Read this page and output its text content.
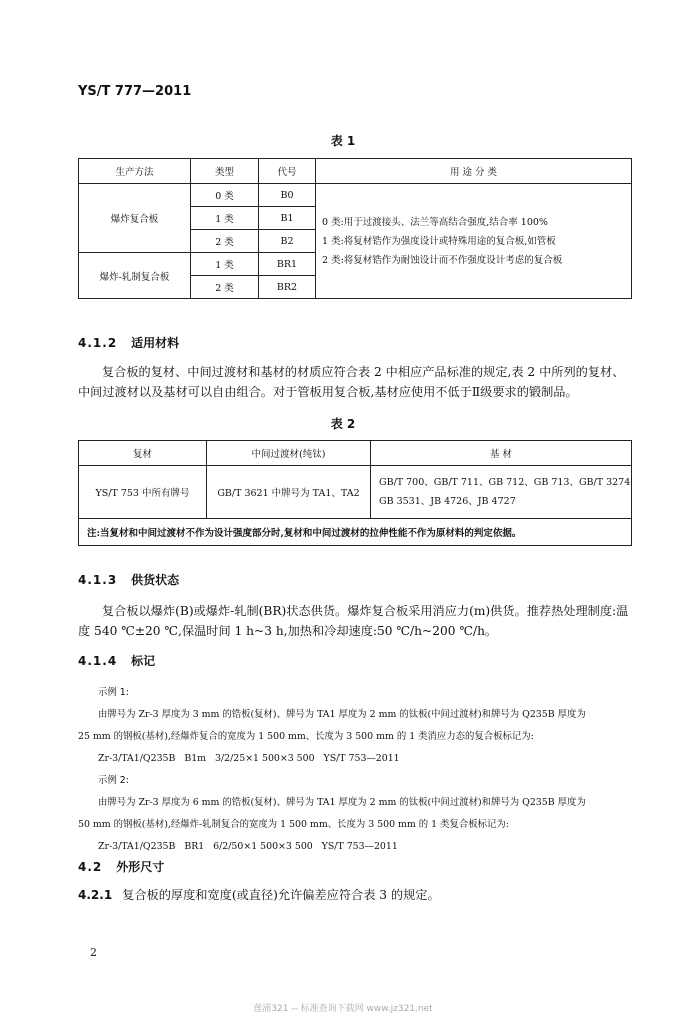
YS/T 777—2011
表 1
生产方法	类型	代号	用 途 分 类
爆炸复合板	0 类	B0	0 类:用于过渡接头、法兰等高结合强度,结合率 100%
1 类:将复材锆作为强度设计或特殊用途的复合板,如管板
2 类:将复材锆作为耐蚀设计而不作强度设计考虑的复合板

	1 类	B1	
	2 类	B2	
爆炸-轧制复合板	1 类	BR1	
	2 类	BR2	
4.1.2 适用材料
复合板的复材、中间过渡材和基材的材质应符合表 2 中相应产品标准的规定,表 2 中所列的复材、中间过渡材以及基材可以自由组合。对于管板用复合板,基材应使用不低于Ⅱ级要求的锻制品。
表 2
复材	中间过渡材(纯钛)	基 材
YS/T 753 中所有牌号	GB/T 3621 中牌号为 TA1、TA2	GB/T 700、GB/T 711、GB 712、GB 713、GB/T 3274
GB 3531、JB 4726、JB 4727

注:当复材和中间过渡材不作为设计强度部分时,复材和中间过渡材的拉伸性能不作为原材料的判定依据。		
4.1.3 供货状态
复合板以爆炸(B)或爆炸-轧制(BR)状态供货。爆炸复合板采用消应力(m)供货。推荐热处理制度:温度 540 ℃±20 ℃,保温时间 1 h~3 h,加热和冷却速度:50 ℃/h~200 ℃/h。
4.1.4 标记
示例 1:
由牌号为 Zr-3 厚度为 3 mm 的锆板(复材)、牌号为 TA1 厚度为 2 mm 的钛板(中间过渡材)和牌号为 Q235B 厚度为
25 mm 的钢板(基材),经爆炸复合的宽度为 1 500 mm、长度为 3 500 mm 的 1 类消应力态的复合板标记为:
Zr-3/TA1/Q235B   B1m   3/2/25×1 500×3 500   YS/T 753—2011
示例 2:
由牌号为 Zr-3 厚度为 6 mm 的锆板(复材)、牌号为 TA1 厚度为 2 mm 的钛板(中间过渡材)和牌号为 Q235B 厚度为
50 mm 的钢板(基材),经爆炸-轧制复合的宽度为 1 500 mm、长度为 3 500 mm 的 1 类复合板标记为:
Zr-3/TA1/Q235B   BR1   6/2/50×1 500×3 500   YS/T 753—2011
4.2 外形尺寸
4.2.1 复合板的厚度和宽度(或直径)允许偏差应符合表 3 的规定。
2
莲浦321 -- 标准查询下载网 www.jz321.net
